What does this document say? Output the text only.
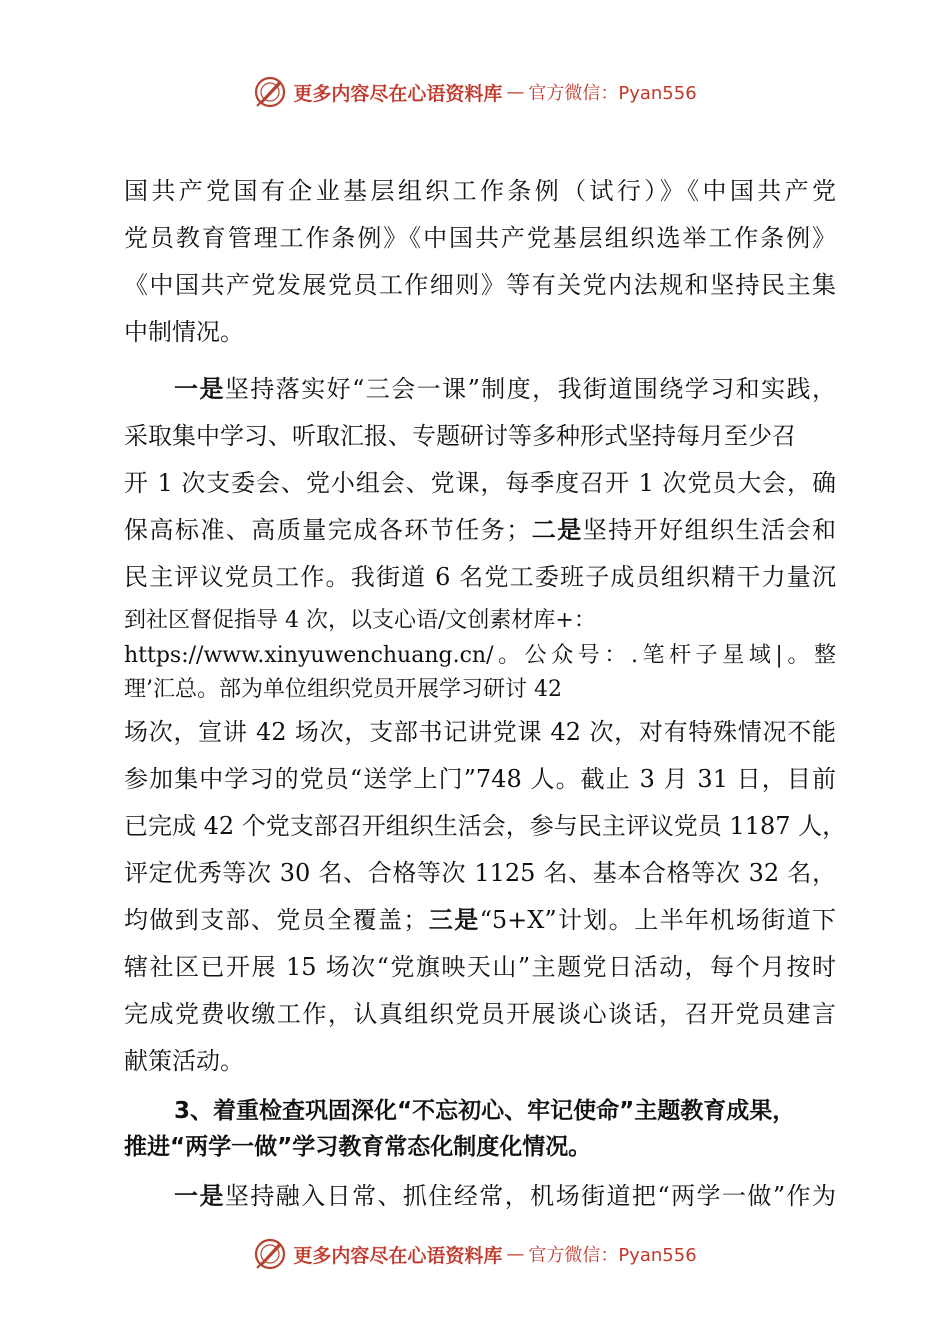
更多内容尽在心语资料库 — 官方微信：Pyan556
国共产党国有企业基层组织工作条例（试行）》《中国共产党
党员教育管理工作条例》《中国共产党基层组织选举工作条例》
《中国共产党发展党员工作细则》等有关党内法规和坚持民主集
中制情况。
一是坚持落实好“三会一课”制度，我街道围绕学习和实践，
采取集中学习、听取汇报、专题研讨等多种形式坚持每月至少召
开 1 次支委会、党小组会、党课，每季度召开 1 次党员大会，确
保高标准、高质量完成各环节任务；二是坚持开好组织生活会和
民主评议党员工作。我街道 6 名党工委班子成员组织精干力量沉
到社区督促指导 4 次，以支心语/文创素材库+：
https://www.xinyuwenchuang.cn/。公众号：.笔杆子星域|。整
理’汇总。部为单位组织党员开展学习研讨 42
场次，宣讲 42 场次，支部书记讲党课 42 次，对有特殊情况不能
参加集中学习的党员“送学上门”748 人。截止 3 月 31 日，目前
已完成 42 个党支部召开组织生活会，参与民主评议党员 1187 人，
评定优秀等次 30 名、合格等次 1125 名、基本合格等次 32 名，
均做到支部、党员全覆盖；三是“5+X”计划。上半年机场街道下
辖社区已开展 15 场次“党旗映天山”主题党日活动，每个月按时
完成党费收缴工作，认真组织党员开展谈心谈话，召开党员建言
献策活动。
3、着重检查巩固深化“不忘初心、牢记使命”主题教育成果，
推进“两学一做”学习教育常态化制度化情况。
一是坚持融入日常、抓住经常，机场街道把“两学一做”作为
更多内容尽在心语资料库 — 官方微信：Pyan556
